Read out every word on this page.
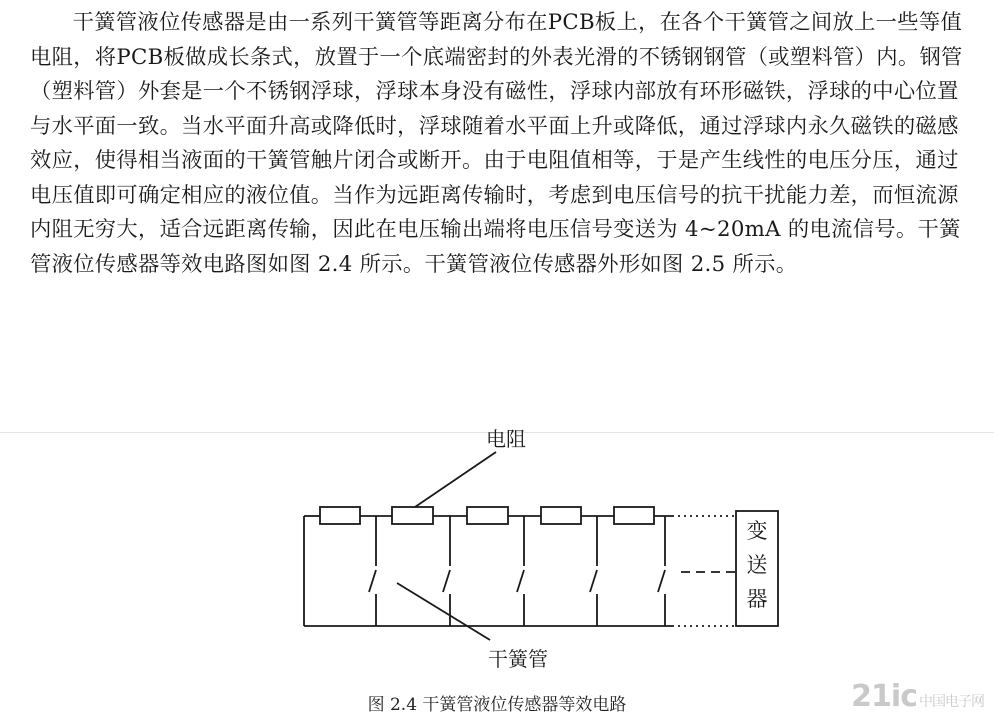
干簧管液位传感器是由一系列干簧管等距离分布在PCB板上，在各个干簧管之间放上一些等值电阻，将PCB板做成长条式，放置于一个底端密封的外表光滑的不锈钢钢管（或塑料管）内。钢管（塑料管）外套是一个不锈钢浮球，浮球本身没有磁性，浮球内部放有环形磁铁，浮球的中心位置与水平面一致。当水平面升高或降低时，浮球随着水平面上升或降低，通过浮球内永久磁铁的磁感效应，使得相当液面的干簧管触片闭合或断开。由于电阻值相等，于是产生线性的电压分压，通过电压值即可确定相应的液位值。当作为远距离传输时，考虑到电压信号的抗干扰能力差，而恒流源内阻无穷大，适合远距离传输，因此在电压输出端将电压信号变送为 4~20mA 的电流信号。干簧管液位传感器等效电路图如图 2.4 所示。干簧管液位传感器外形如图 2.5 所示。

电阻
干簧管
变
送
器
图 2.4 干簧管液位传感器等效电路	21ic 中国电子网
